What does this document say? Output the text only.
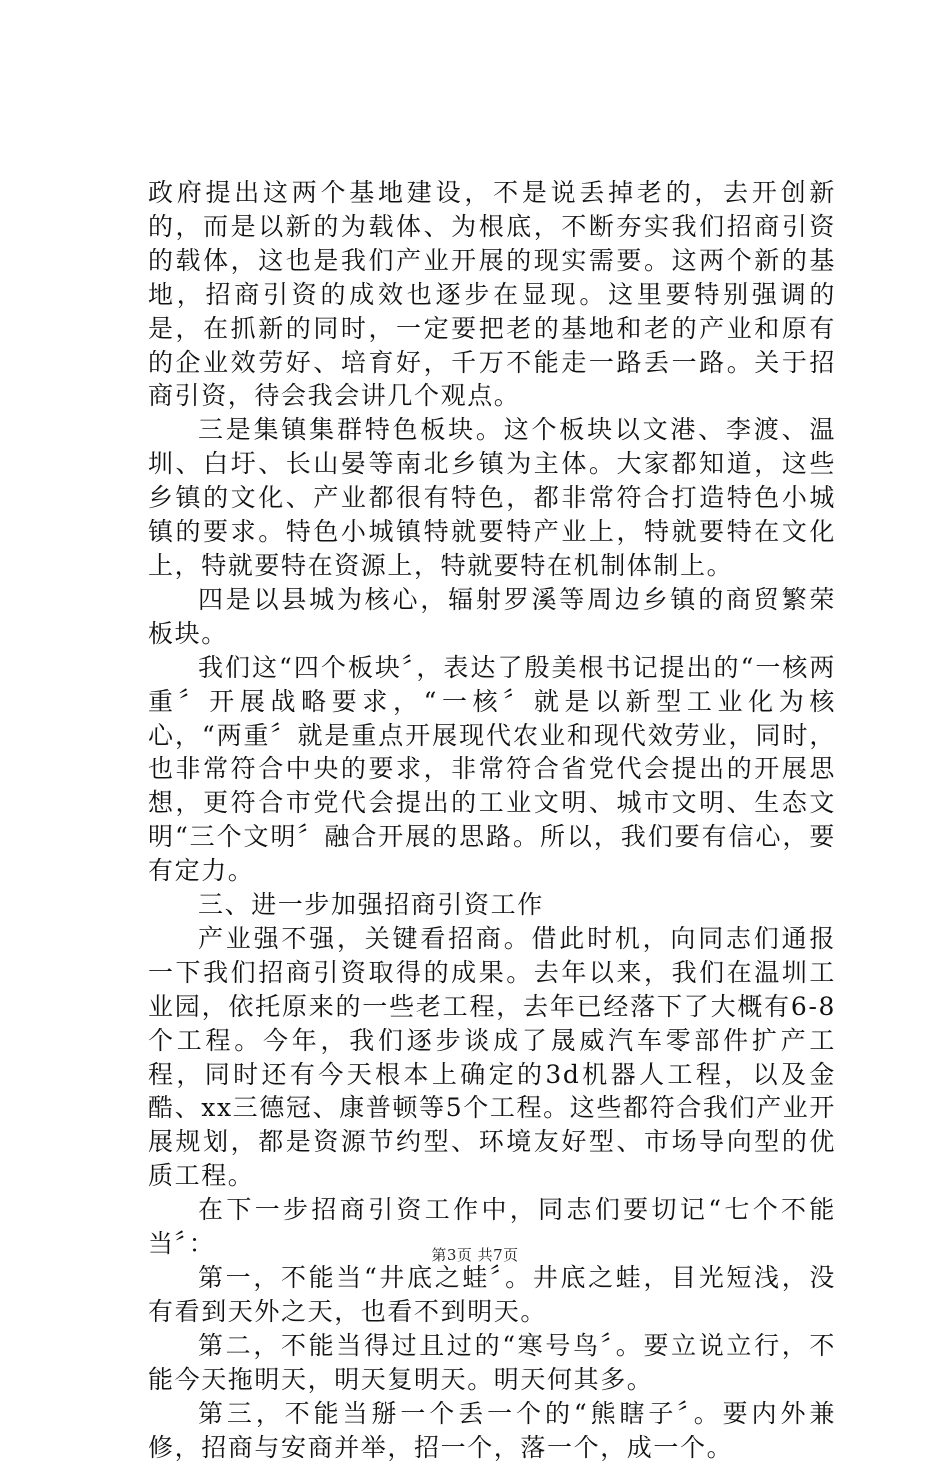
政府提出这两个基地建设，不是说丢掉老的，去开创新的，而是以新的为载体、为根底，不断夯实我们招商引资的载体，这也是我们产业开展的现实需要。这两个新的基地，招商引资的成效也逐步在显现。这里要特别强调的是，在抓新的同时，一定要把老的基地和老的产业和原有的企业效劳好、培育好，千万不能走一路丢一路。关于招商引资，待会我会讲几个观点。

三是集镇集群特色板块。这个板块以文港、李渡、温圳、白圩、长山晏等南北乡镇为主体。大家都知道，这些乡镇的文化、产业都很有特色，都非常符合打造特色小城镇的要求。特色小城镇特就要特产业上，特就要特在文化上，特就要特在资源上，特就要特在机制体制上。

四是以县城为核心，辐射罗溪等周边乡镇的商贸繁荣板块。

我们这“四个板块〞，表达了殷美根书记提出的“一核两重〞开展战略要求，“一核〞就是以新型工业化为核心，“两重〞就是重点开展现代农业和现代效劳业，同时，也非常符合中央的要求，非常符合省党代会提出的开展思想，更符合市党代会提出的工业文明、城市文明、生态文明“三个文明〞融合开展的思路。所以，我们要有信心，要有定力。

三、进一步加强招商引资工作

产业强不强，关键看招商。借此时机，向同志们通报一下我们招商引资取得的成果。去年以来，我们在温圳工业园，依托原来的一些老工程，去年已经落下了大概有6-8个工程。今年，我们逐步谈成了晟威汽车零部件扩产工程，同时还有今天根本上确定的3d机器人工程，以及金酷、xx三德冠、康普顿等5个工程。这些都符合我们产业开展规划，都是资源节约型、环境友好型、市场导向型的优质工程。

在下一步招商引资工作中，同志们要切记“七个不能当〞：

第一，不能当“井底之蛙〞。井底之蛙，目光短浅，没有看到天外之天，也看不到明天。

第二，不能当得过且过的“寒号鸟〞。要立说立行，不能今天拖明天，明天复明天。明天何其多。

第三，不能当掰一个丢一个的“熊瞎子〞。要内外兼修，招商与安商并举，招一个，落一个，成一个。

第3页 共7页
